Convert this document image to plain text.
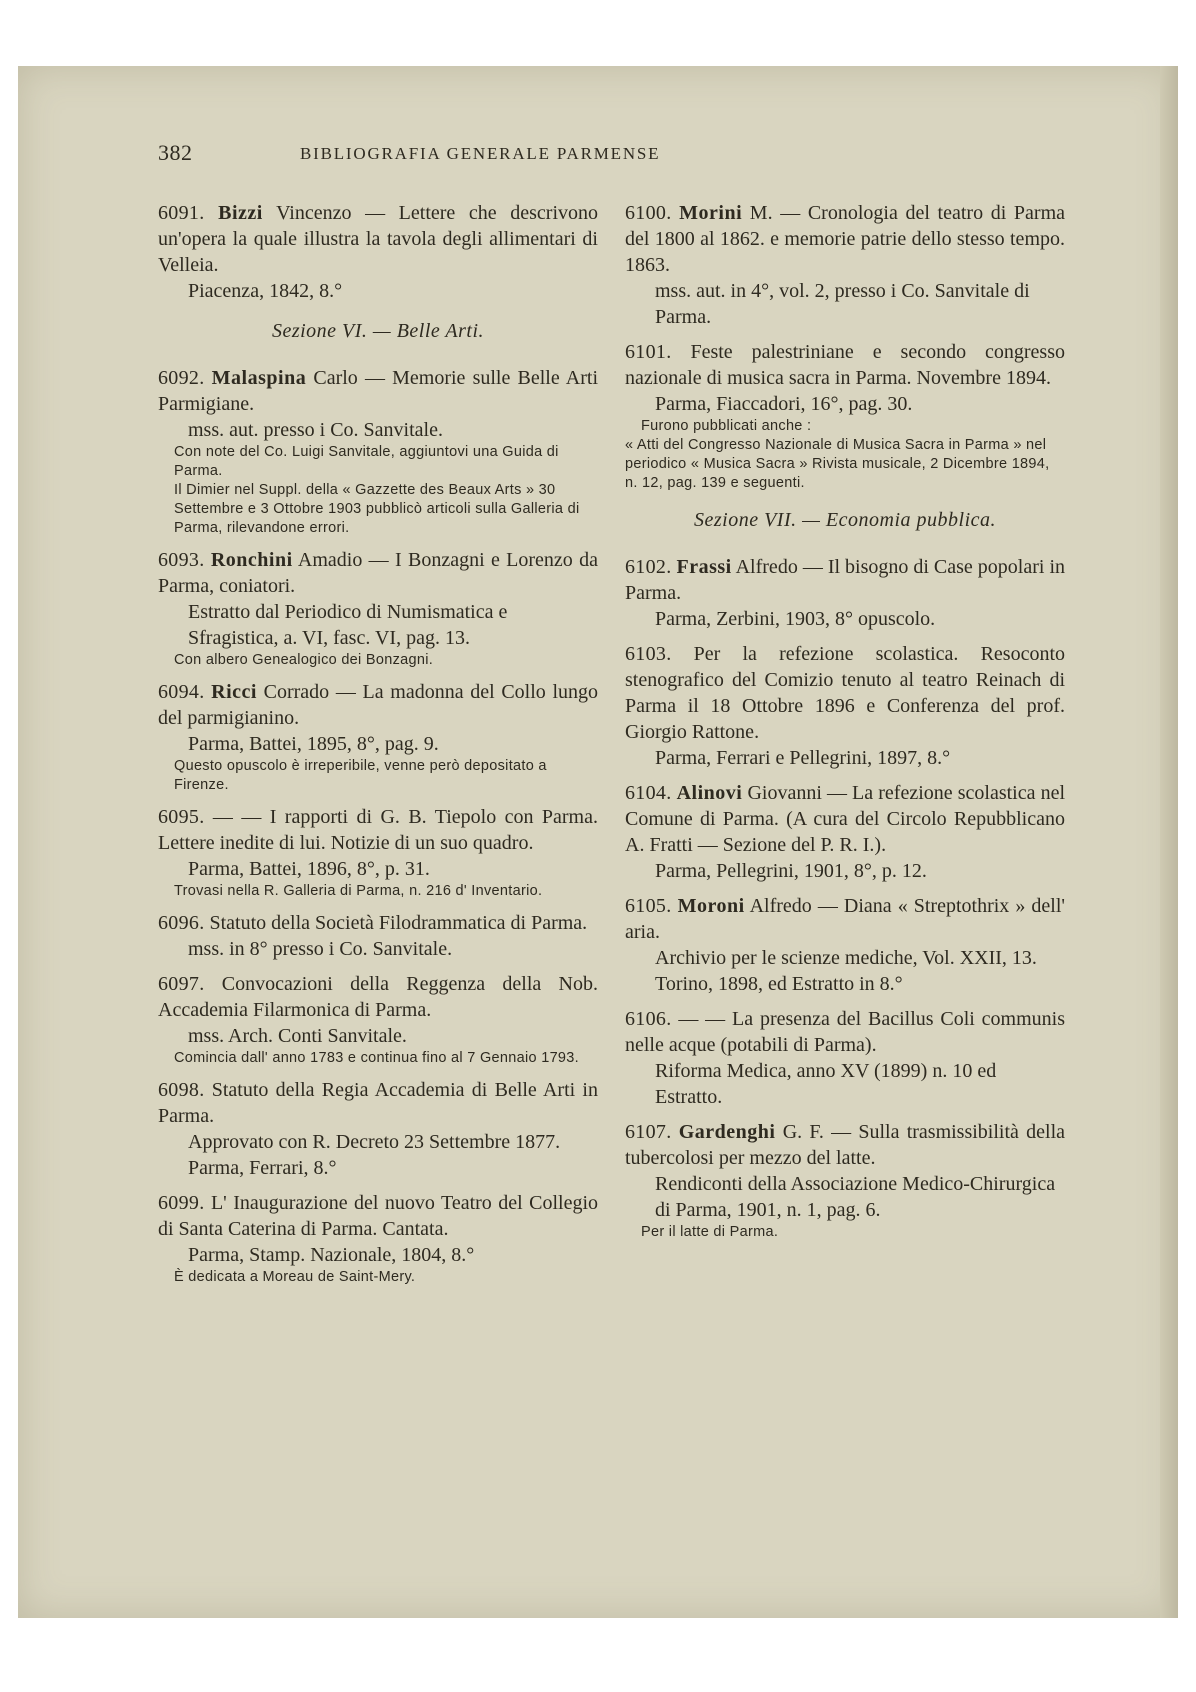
382	BIBLIOGRAFIA GENERALE PARMENSE
6091. Bizzi Vincenzo — Lettere che descrivono un'opera la quale illustra la tavola degli allimentari di Velleia.
Piacenza, 1842, 8.°
Sezione VI. — Belle Arti.
6092. Malaspina Carlo — Memorie sulle Belle Arti Parmigiane.
mss. aut. presso i Co. Sanvitale.
Con note del Co. Luigi Sanvitale, aggiuntovi una Guida di Parma.
Il Dimier nel Suppl. della « Gazzette des Beaux Arts » 30 Settembre e 3 Ottobre 1903 pubblicò articoli sulla Galleria di Parma, rilevandone errori.
6093. Ronchini Amadio — I Bonzagni e Lorenzo da Parma, coniatori.
Estratto dal Periodico di Numismatica e Sfragistica, a. VI, fasc. VI, pag. 13.
Con albero Genealogico dei Bonzagni.
6094. Ricci Corrado — La madonna del Collo lungo del parmigianino.
Parma, Battei, 1895, 8°, pag. 9.
Questo opuscolo è irreperibile, venne però depositato a Firenze.
6095. — — I rapporti di G. B. Tiepolo con Parma. Lettere inedite di lui. Notizie di un suo quadro.
Parma, Battei, 1896, 8°, p. 31.
Trovasi nella R. Galleria di Parma, n. 216 d' Inventario.
6096. Statuto della Società Filodrammatica di Parma.
mss. in 8° presso i Co. Sanvitale.
6097. Convocazioni della Reggenza della Nob. Accademia Filarmonica di Parma.
mss. Arch. Conti Sanvitale.
Comincia dall' anno 1783 e continua fino al 7 Gennaio 1793.
6098. Statuto della Regia Accademia di Belle Arti in Parma.
Approvato con R. Decreto 23 Settembre 1877.
Parma, Ferrari, 8.°
6099. L' Inaugurazione del nuovo Teatro del Collegio di Santa Caterina di Parma. Cantata.
Parma, Stamp. Nazionale, 1804, 8.°
È dedicata a Moreau de Saint-Mery.
6100. Morini M. — Cronologia del teatro di Parma del 1800 al 1862. e memorie patrie dello stesso tempo. 1863.
mss. aut. in 4°, vol. 2, presso i Co. Sanvitale di Parma.
6101. Feste palestriniane e secondo congresso nazionale di musica sacra in Parma. Novembre 1894.
Parma, Fiaccadori, 16°, pag. 30.
Furono pubblicati anche :
« Atti del Congresso Nazionale di Musica Sacra in Parma » nel periodico « Musica Sacra » Rivista musicale, 2 Dicembre 1894, n. 12, pag. 139 e seguenti.
Sezione VII. — Economia pubblica.
6102. Frassi Alfredo — Il bisogno di Case popolari in Parma.
Parma, Zerbini, 1903, 8° opuscolo.
6103. Per la refezione scolastica. Resoconto stenografico del Comizio tenuto al teatro Reinach di Parma il 18 Ottobre 1896 e Conferenza del prof. Giorgio Rattone.
Parma, Ferrari e Pellegrini, 1897, 8.°
6104. Alinovi Giovanni — La refezione scolastica nel Comune di Parma. (A cura del Circolo Repubblicano A. Fratti — Sezione del P. R. I.).
Parma, Pellegrini, 1901, 8°, p. 12.
6105. Moroni Alfredo — Diana « Streptothrix » dell' aria.
Archivio per le scienze mediche, Vol. XXII, 13. Torino, 1898, ed Estratto in 8.°
6106. — — La presenza del Bacillus Coli communis nelle acque (potabili di Parma).
Riforma Medica, anno XV (1899) n. 10 ed Estratto.
6107. Gardenghi G. F. — Sulla trasmissibilità della tubercolosi per mezzo del latte.
Rendiconti della Associazione Medico-Chirurgica di Parma, 1901, n. 1, pag. 6.
Per il latte di Parma.
